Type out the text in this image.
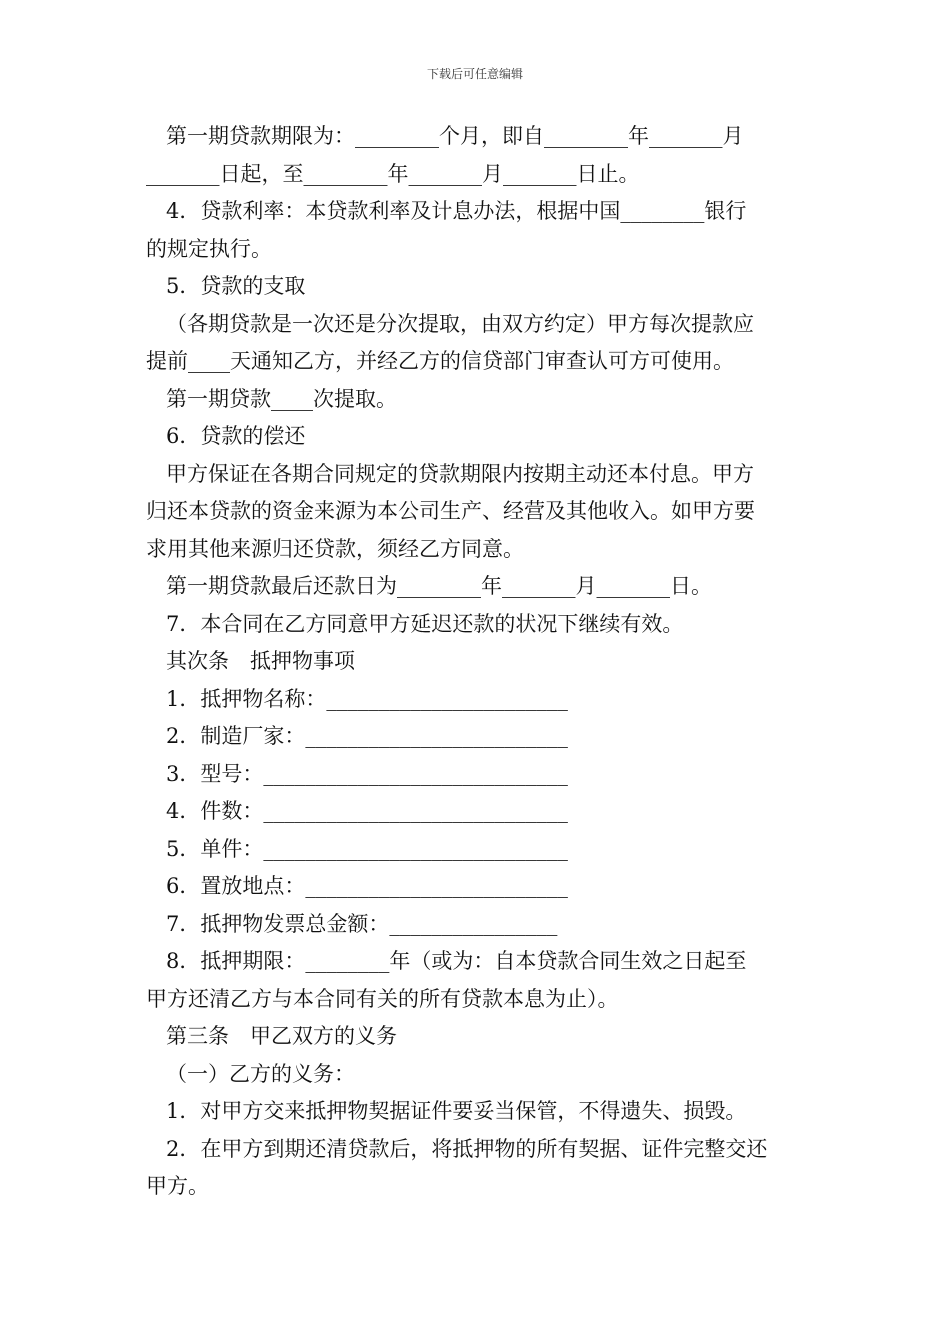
下载后可任意编辑
第一期贷款期限为：________个月，即自________年_______月
_______日起，至________年_______月_______日止。
4．贷款利率：本贷款利率及计息办法，根据中国________银行
的规定执行。
5．贷款的支取
（各期贷款是一次还是分次提取，由双方约定）甲方每次提款应
提前____天通知乙方，并经乙方的信贷部门审查认可方可使用。
第一期贷款____次提取。
6．贷款的偿还
甲方保证在各期合同规定的贷款期限内按期主动还本付息。甲方
归还本贷款的资金来源为本公司生产、经营及其他收入。如甲方要
求用其他来源归还贷款，须经乙方同意。
第一期贷款最后还款日为________年_______月_______日。
7．本合同在乙方同意甲方延迟还款的状况下继续有效。
其次条　抵押物事项
1．抵押物名称：_______________________
2．制造厂家：_________________________
3．型号：_____________________________
4．件数：_____________________________
5．单件：_____________________________
6．置放地点：_________________________
7．抵押物发票总金额：________________
8．抵押期限：________年（或为：自本贷款合同生效之日起至
甲方还清乙方与本合同有关的所有贷款本息为止）。
第三条　甲乙双方的义务
（一）乙方的义务：
1．对甲方交来抵押物契据证件要妥当保管，不得遗失、损毁。
2．在甲方到期还清贷款后，将抵押物的所有契据、证件完整交还
甲方。
